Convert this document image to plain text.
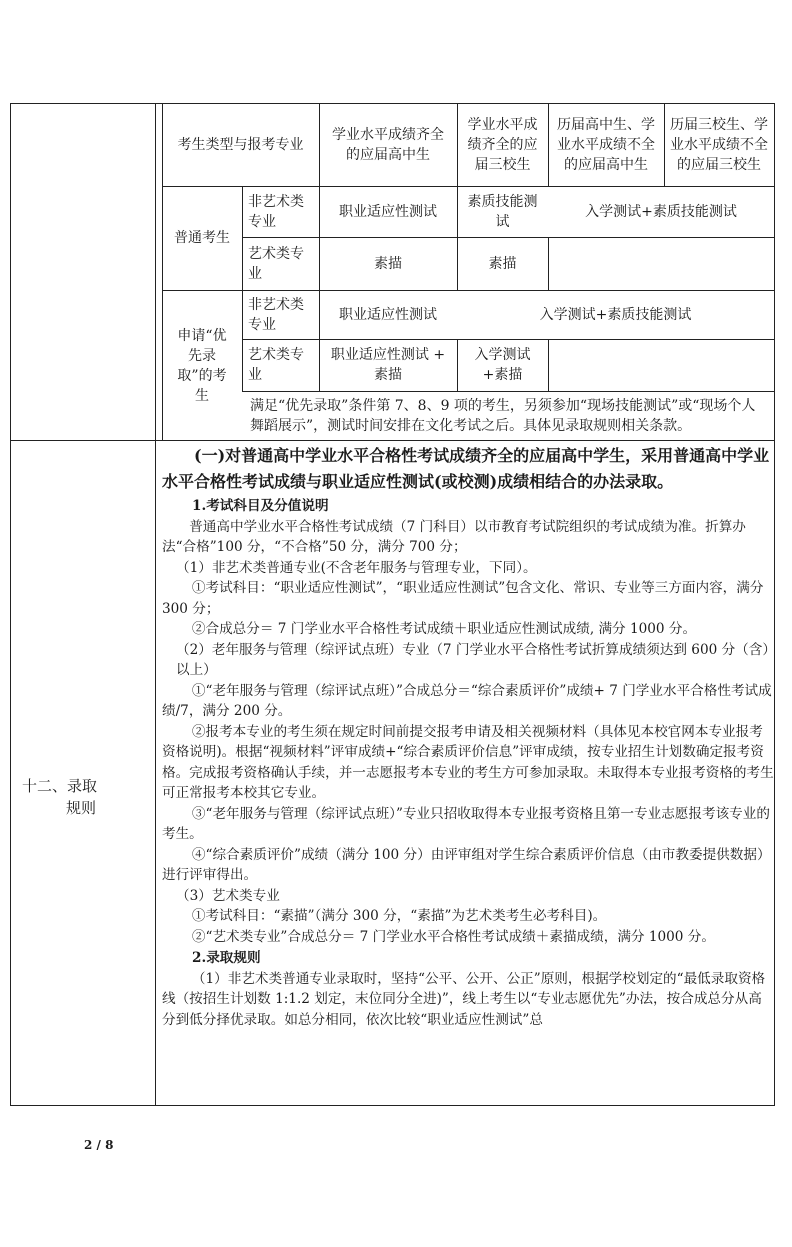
考生类型与报考专业
学业水平成绩齐全的应届高中生
学业水平成绩齐全的应届三校生
历届高中生、学业水平成绩不全的应届高中生
历届三校生、学业水平成绩不全的应届三校生
普通考生
非艺术类专业
职业适应性测试
素质技能测试
入学测试+素质技能测试
艺术类专业
素描	素描
申请“优先录取”的考生
非艺术类专业
职业适应性测试	入学测试+素质技能测试
艺术类专业
职业适应性测试 + 素描
入学测试+素描
满足“优先录取”条件第 7、8、9 项的考生，另须参加“现场技能测试”或“现场个人舞蹈展示”，测试时间安排在文化考试之后。具体见录取规则相关条款。
十二、录取
规则

(一)对普通高中学业水平合格性考试成绩齐全的应届高中学生，采用普通高中学业水平合格性考试成绩与职业适应性测试(或校测)成绩相结合的办法录取。

1.考试科目及分值说明

普通高中学业水平合格性考试成绩（7 门科目）以市教育考试院组织的考试成绩为准。折算办法“合格”100 分，“不合格”50 分，满分 700 分；

（1）非艺术类普通专业(不含老年服务与管理专业，下同）。

①考试科目：“职业适应性测试”，“职业适应性测试”包含文化、常识、专业等三方面内容，满分 300 分；

②合成总分＝ 7 门学业水平合格性考试成绩＋职业适应性测试成绩, 满分 1000 分。

（2）老年服务与管理（综评试点班）专业（7 门学业水平合格性考试折算成绩须达到 600 分（含）以上）

①“老年服务与管理（综评试点班）”合成总分＝“综合素质评价”成绩+ 7 门学业水平合格性考试成绩/7，满分 200 分。

②报考本专业的考生须在规定时间前提交报考申请及相关视频材料（具体见本校官网本专业报考资格说明)。根据“视频材料”评审成绩+“综合素质评价信息”评审成绩，按专业招生计划数确定报考资格。完成报考资格确认手续，并一志愿报考本专业的考生方可参加录取。未取得本专业报考资格的考生可正常报考本校其它专业。

③“老年服务与管理（综评试点班）”专业只招收取得本专业报考资格且第一专业志愿报考该专业的考生。

④“综合素质评价”成绩（满分 100 分）由评审组对学生综合素质评价信息（由市教委提供数据）进行评审得出。

（3）艺术类专业

①考试科目：“素描”（满分 300 分，“素描”为艺术类考生必考科目)。

②“艺术类专业”合成总分＝ 7 门学业水平合格性考试成绩＋素描成绩，满分 1000 分。

2.录取规则

（1）非艺术类普通专业录取时，坚持“公平、公开、公正”原则，根据学校划定的“最低录取资格线（按招生计划数 1:1.2 划定，末位同分全进)”，线上考生以“专业志愿优先”办法，按合成总分从高分到低分择优录取。如总分相同，依次比较“职业适应性测试”总

2 / 8
